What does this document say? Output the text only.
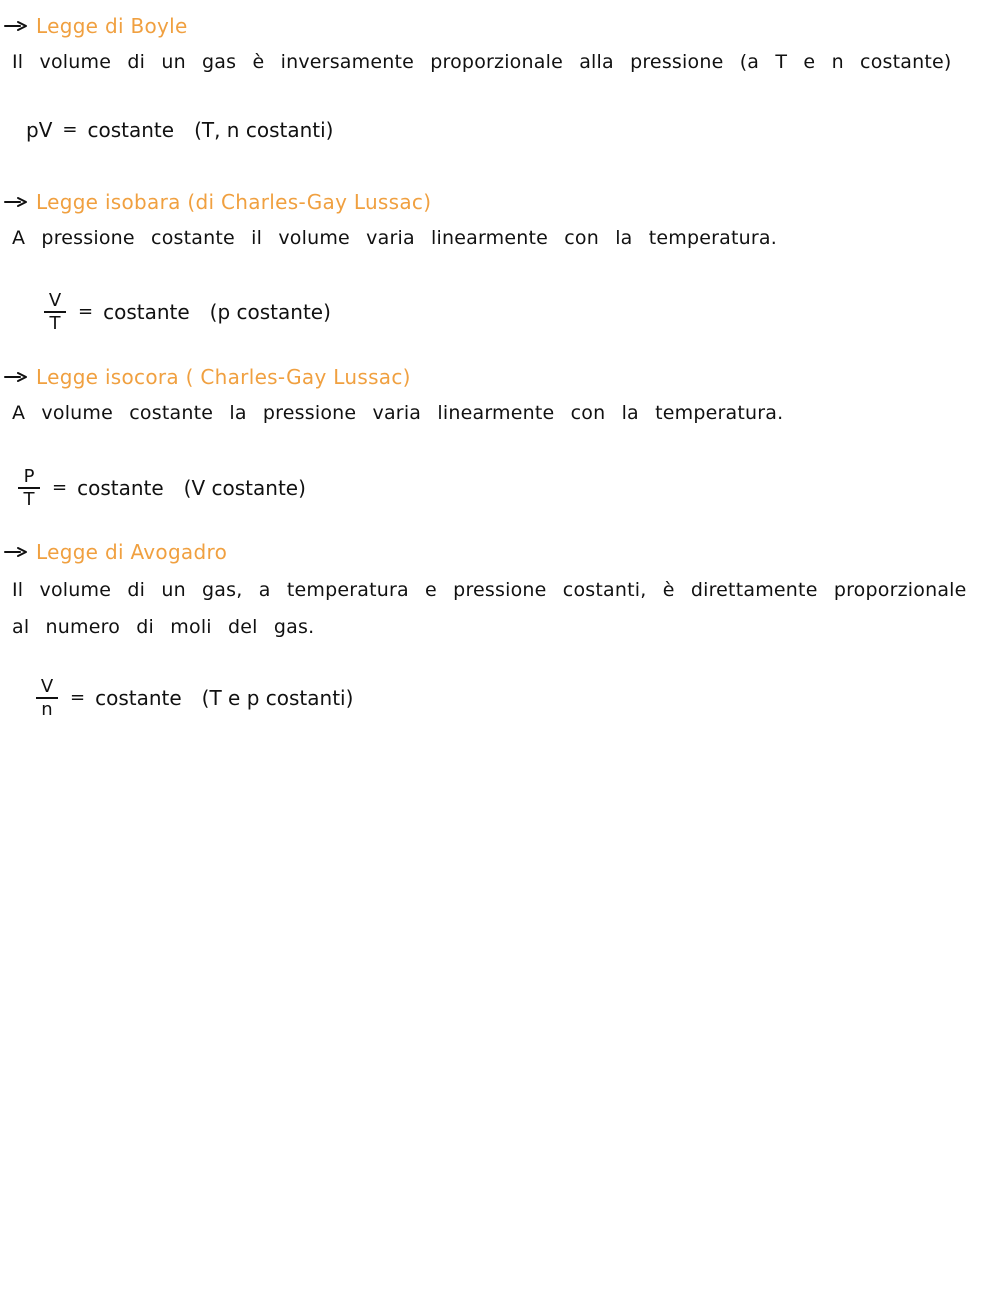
Legge di Boyle
Il volume di un gas è inversamente proporzionale alla pressione (a T e n costante)
pV = costante (T, n costanti)
Legge isobara (di Charles-Gay Lussac)
A pressione costante il volume varia linearmente con la temperatura.
$\frac{V}{T}$ = costante (p costante)
Legge isocora ( Charles-Gay Lussac)
A volume costante la pressione varia linearmente con la temperatura.
$\frac{P}{T}$ = costante (V costante)
Legge di Avogadro
Il volume di un gas, a temperatura e pressione costanti, è direttamente proporzionale al numero di moli del gas.
$\frac{V}{n}$ = costante (T e p costanti)
